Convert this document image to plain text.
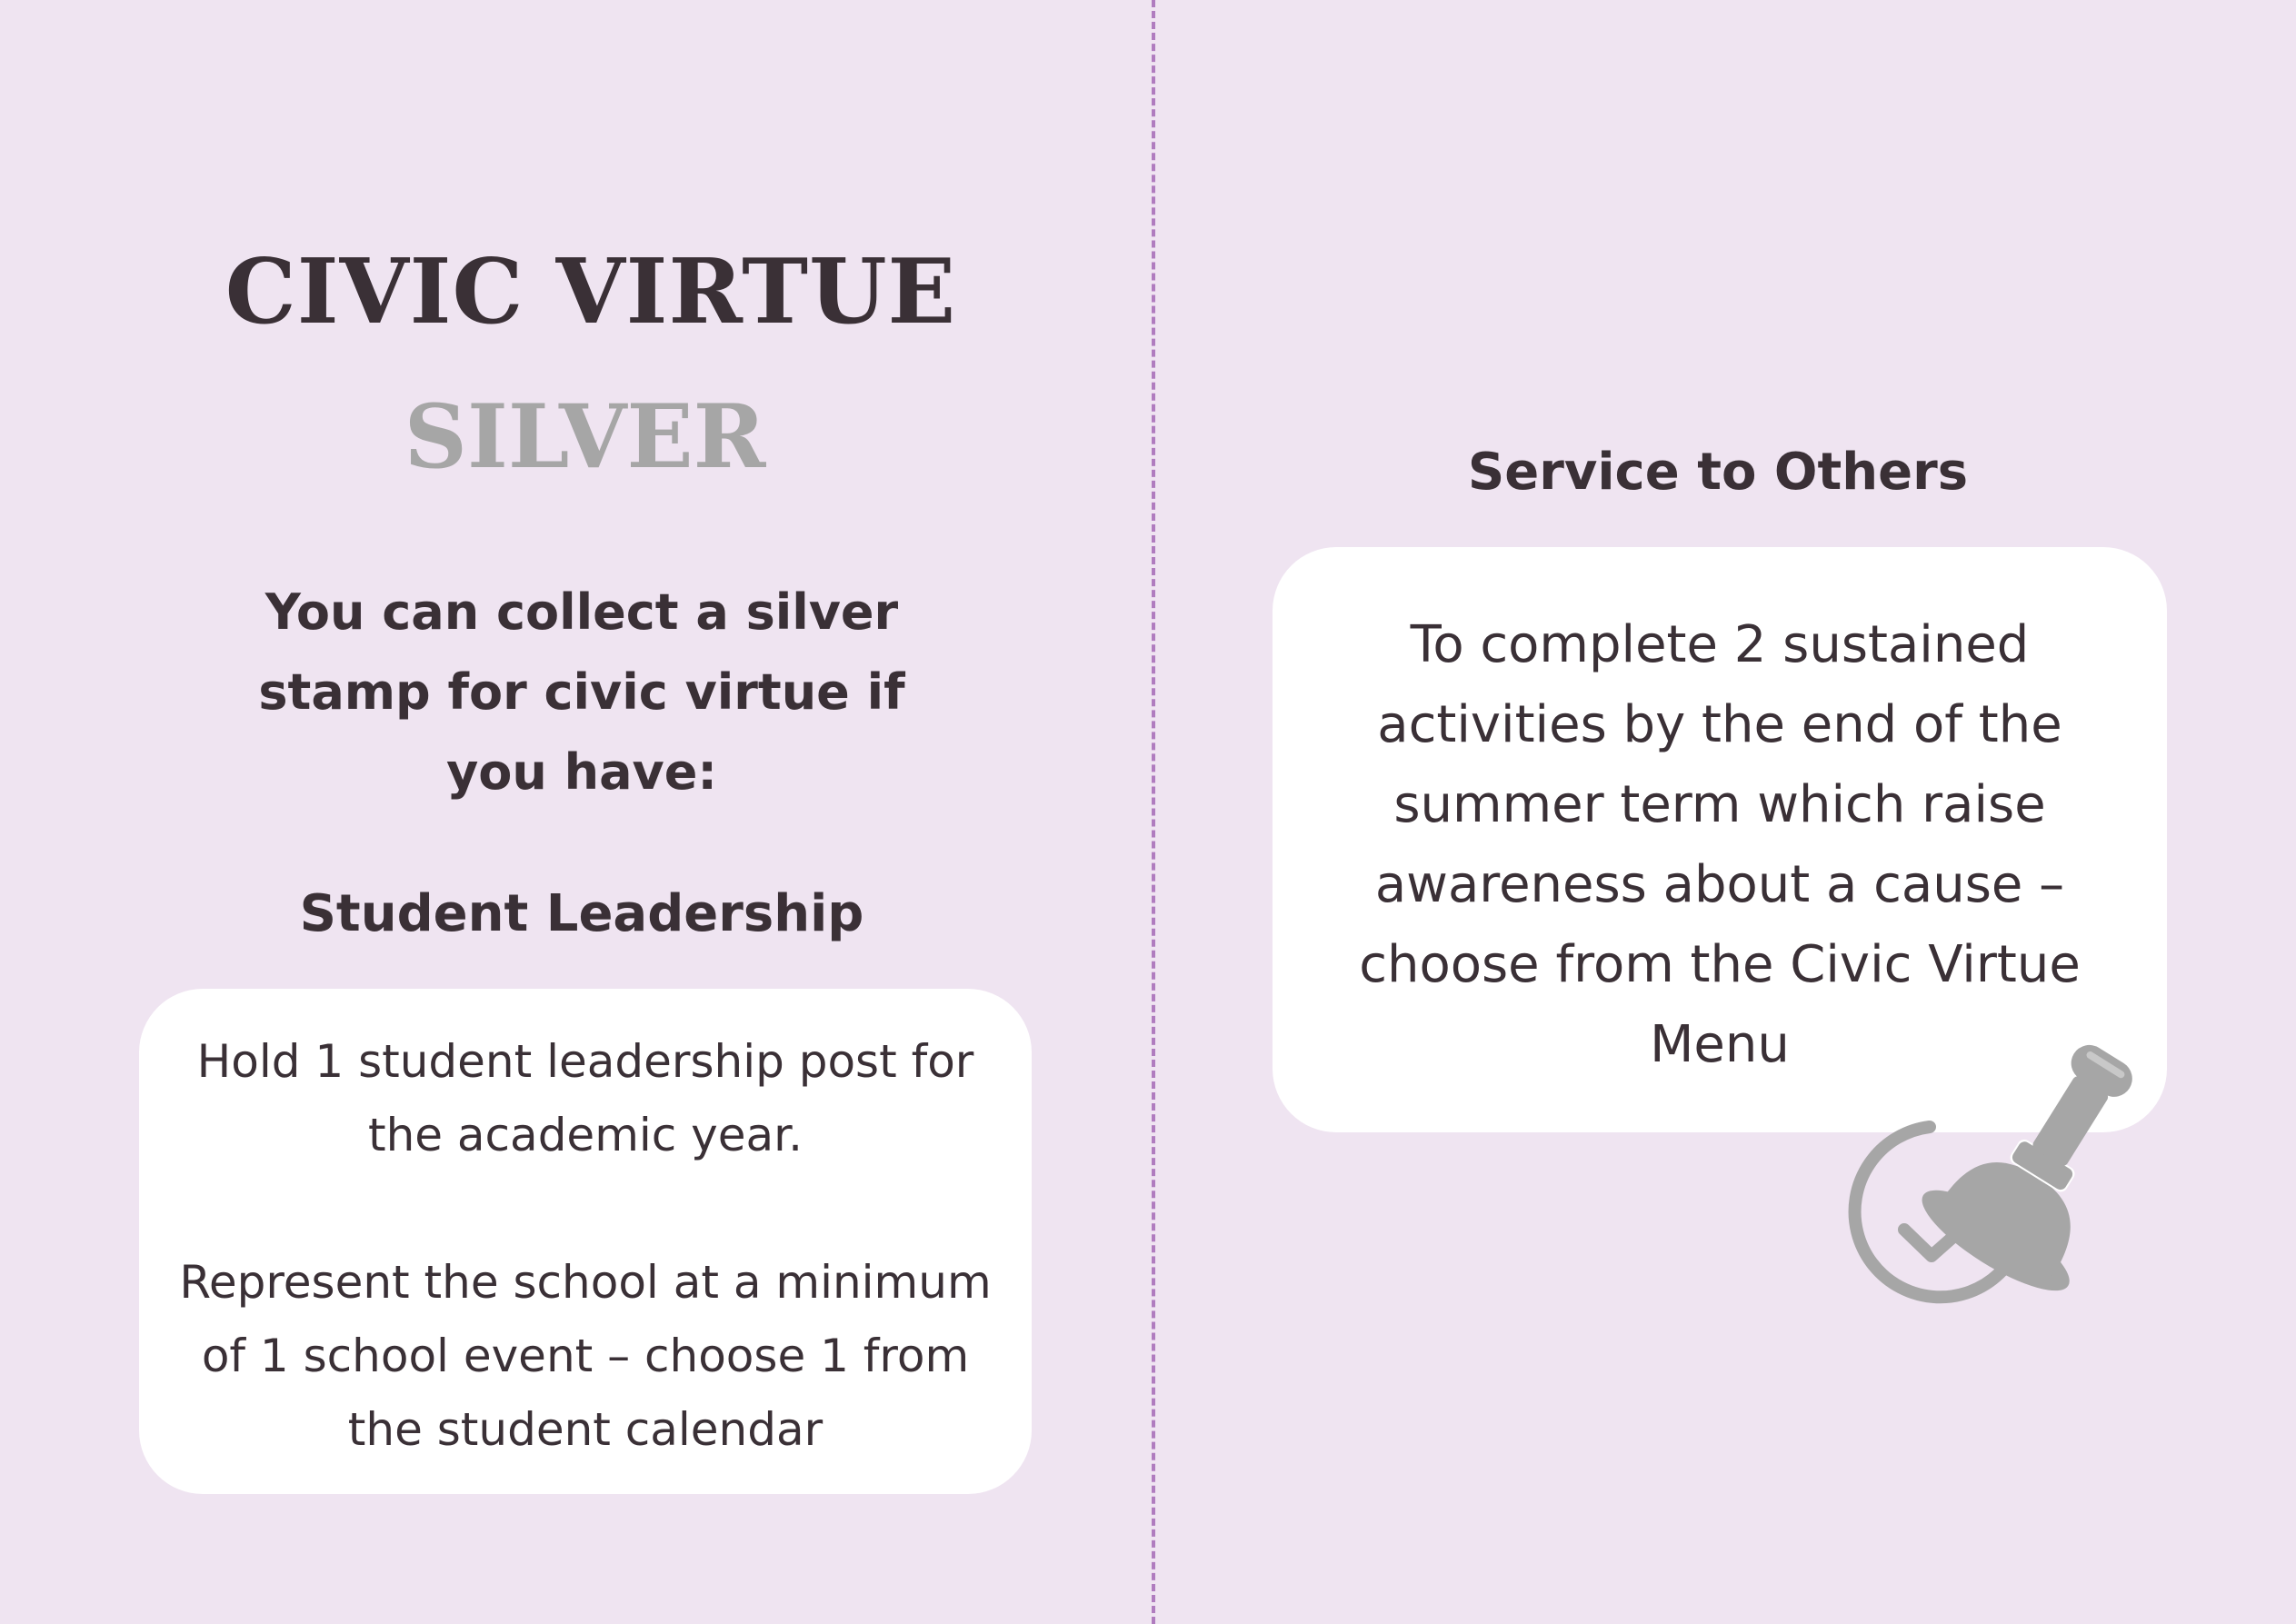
CIVIC VIRTUE
SILVER

You can collect a silver stamp for civic virtue if you have:

Student Leadership

Hold 1 student leadership post for the academic year.

Represent the school at a minimum of 1 school event – choose 1 from the student calendar

Service to Others

To complete 2 sustained activities by the end of the summer term which raise awareness about a cause – choose from the Civic Virtue Menu
